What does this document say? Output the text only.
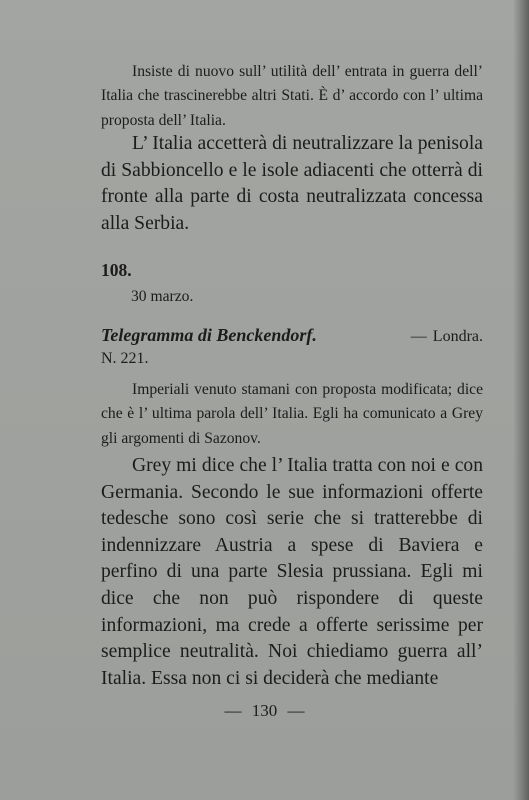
Insiste di nuovo sull’ utilità dell’ entrata in guerra dell’ Italia che trascinerebbe altri Stati. È d’ accordo con l’ ultima proposta dell’ Italia.

L’ Italia accetterà di neutralizzare la penisola di Sabbioncello e le isole adiacenti che otterrà di fronte alla parte di costa neutralizzata concessa alla Serbia.

108.
30 marzo.
Telegramma di Benckendorf.	— Londra.
N. 221.

Imperiali venuto stamani con proposta modificata; dice che è l’ ultima parola dell’ Italia. Egli ha comunicato a Grey gli argomenti di Sazonov.

Grey mi dice che l’ Italia tratta con noi e con Germania. Secondo le sue informazioni offerte tedesche sono così serie che si tratterebbe di indennizzare Austria a spese di Baviera e perfino di una parte Slesia prussiana. Egli mi dice che non può rispondere di queste informazioni, ma crede a offerte serissime per semplice neutralità. Noi chiediamo guerra all’ Italia. Essa non ci si deciderà che mediante

— 130 —
